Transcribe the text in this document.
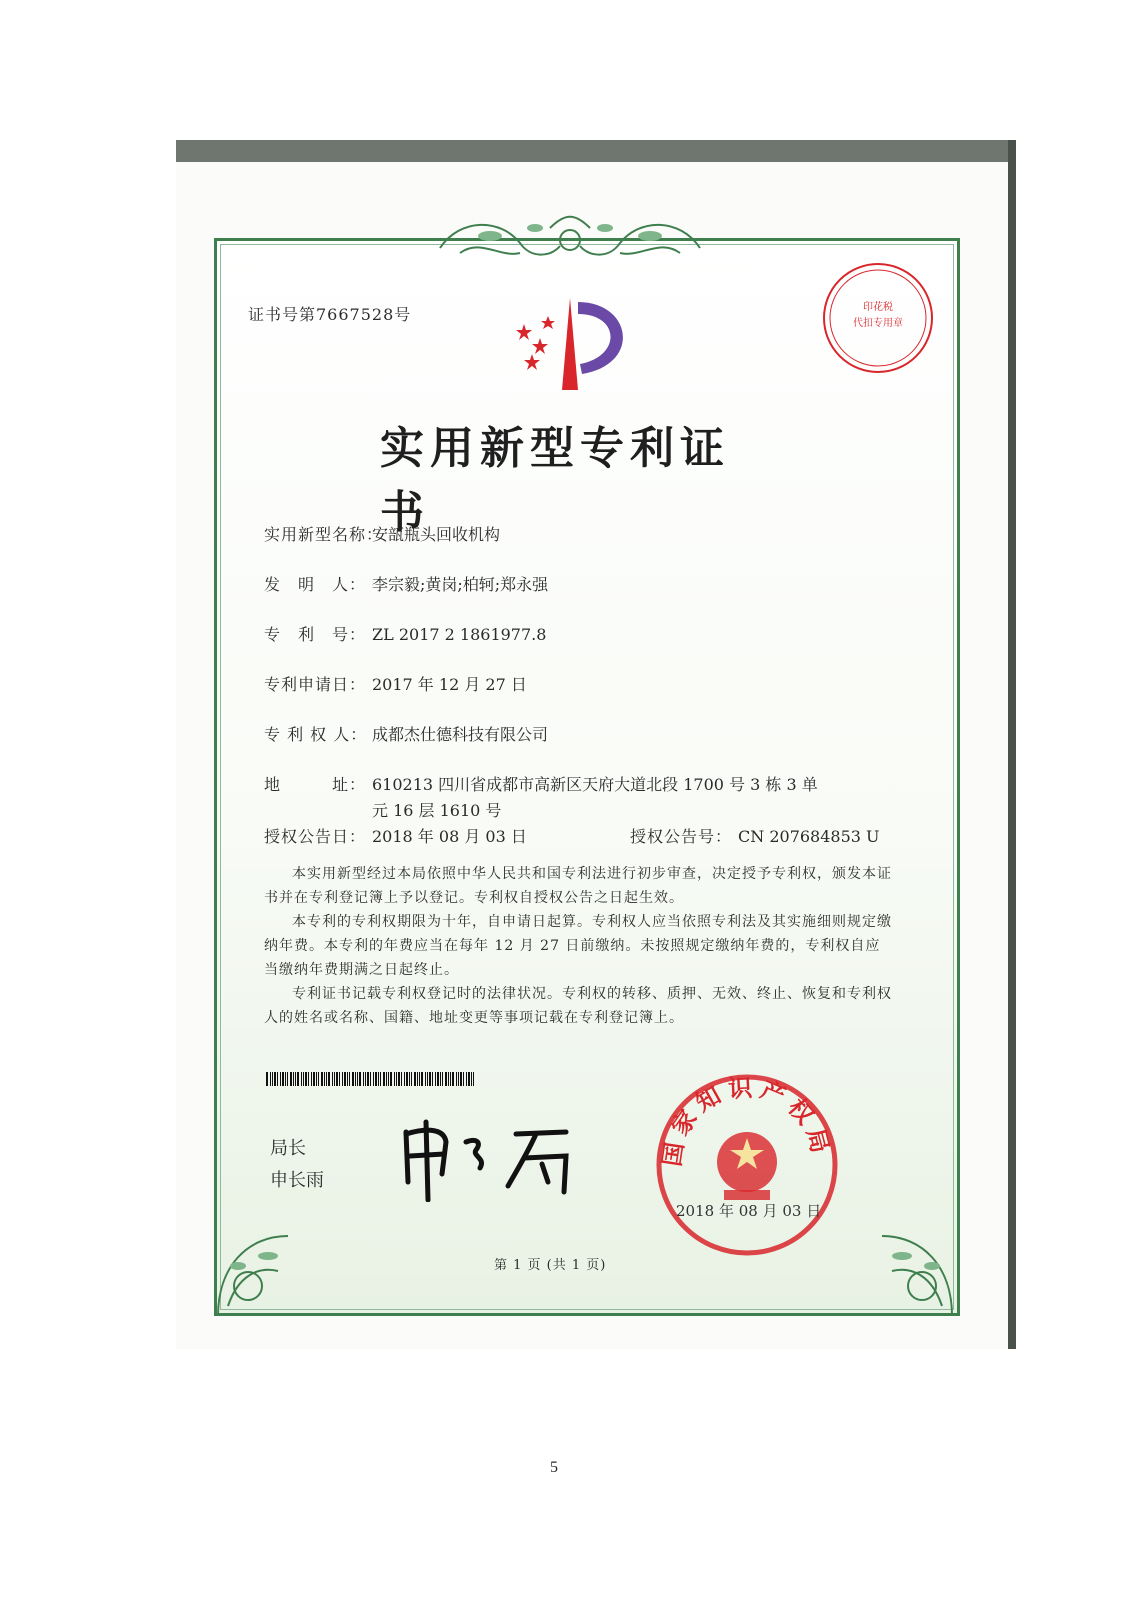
证书号第7667528号	印花税
代扣专用章
实用新型专利证书
实用新型名称：安瓿瓶头回收机构
发　明　人： 李宗毅;黄岗;柏轲;郑永强
专　利　号： ZL 2017 2 1861977.8
专利申请日： 2017 年 12 月 27 日
专 利 权 人： 成都杰仕德科技有限公司
地　　　址： 610213 四川省成都市高新区天府大道北段 1700 号 3 栋 3 单
元 16 层 1610 号
授权公告日： 2018 年 08 月 03 日	授权公告号： CN 207684853 U
本实用新型经过本局依照中华人民共和国专利法进行初步审查，决定授予专利权，颁发本证书并在专利登记簿上予以登记。专利权自授权公告之日起生效。
本专利的专利权期限为十年，自申请日起算。专利权人应当依照专利法及其实施细则规定缴纳年费。本专利的年费应当在每年 12 月 27 日前缴纳。未按照规定缴纳年费的，专利权自应当缴纳年费期满之日起终止。
专利证书记载专利权登记时的法律状况。专利权的转移、质押、无效、终止、恢复和专利权人的姓名或名称、国籍、地址变更等事项记载在专利登记簿上。
局长
申长雨
国家知识产权局
2018 年 08 月 03 日
第 1 页 (共 1 页)
5
